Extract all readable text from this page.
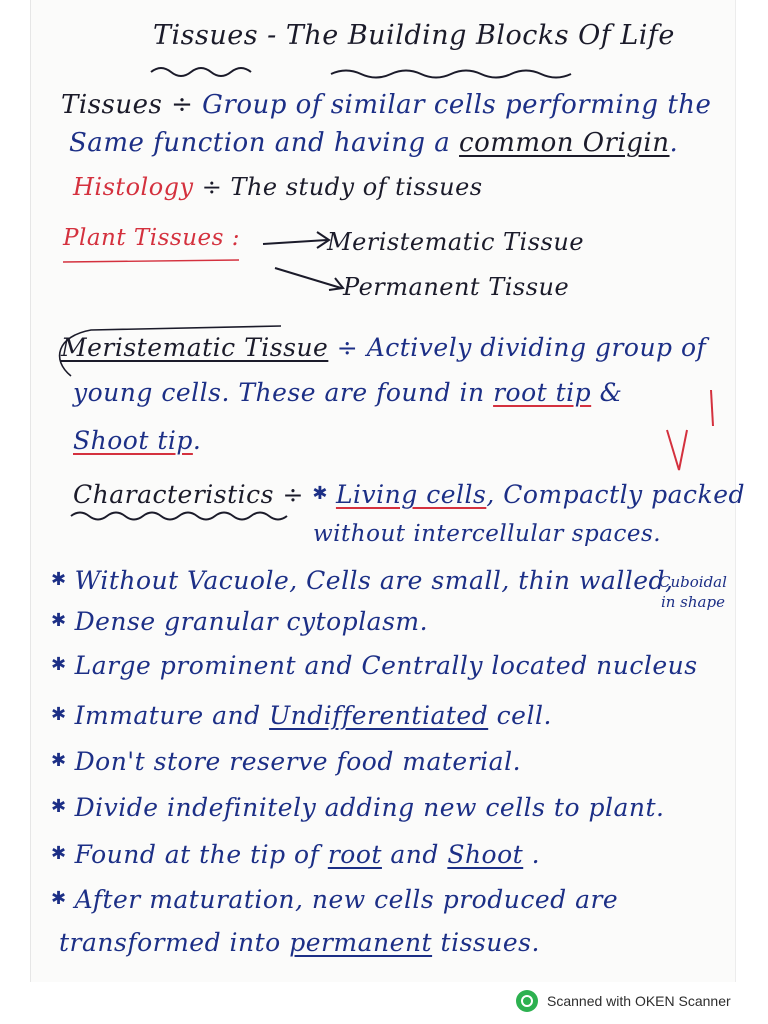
Tissues - The Building Blocks Of Life
Tissues ÷ Group of similar cells performing the
Same function and having a common Origin.
Histology ÷ The study of tissues
Plant Tissues :	Meristematic Tissue
Permanent Tissue
Meristematic Tissue ÷ Actively dividing group of
young cells. These are found in root tip &
Shoot tip.
Characteristics ÷ ✱ Living cells, Compactly packed
without intercellular spaces.
✱ Without Vacuole, Cells are small, thin walled,
Cuboidal
in shape
✱ Dense granular cytoplasm.
✱ Large prominent and Centrally located nucleus
✱ Immature and Undifferentiated cell.
✱ Don't store reserve food material.
✱ Divide indefinitely adding new cells to plant.
✱ Found at the tip of root and Shoot .
✱ After maturation, new cells produced are
transformed into permanent tissues.
Scanned with OKEN Scanner
